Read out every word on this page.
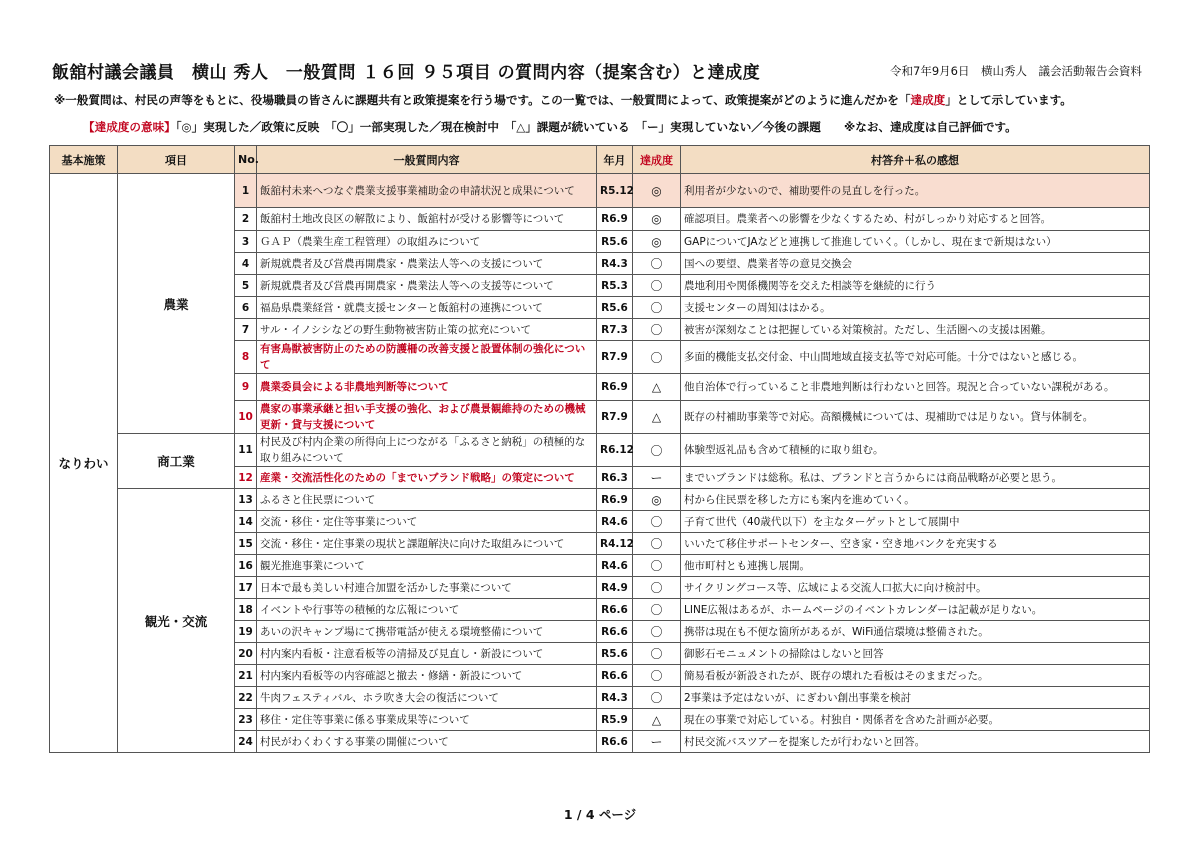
飯舘村議会議員　横山 秀人　一般質問 １６回 ９５項目 の質問内容（提案含む）と達成度	令和7年9月6日　横山秀人　議会活動報告会資料
※一般質問は、村民の声等をもとに、役場職員の皆さんに課題共有と政策提案を行う場です。この一覧では、一般質問によって、政策提案がどのように進んだかを「達成度」として示しています。
【達成度の意味】「◎」実現した／政策に反映　「〇」一部実現した／現在検討中　「△」課題が続いている　「ー」実現していない／今後の課題　　※なお、達成度は自己評価です。
基本施策	項目	No.	一般質問内容	年月	達成度	村答弁＋私の感想
なりわい	農業	1	飯舘村未来へつなぐ農業支援事業補助金の申請状況と成果について	R5.12	◎	利用者が少ないので、補助要件の見直しを行った。
		2	飯舘村土地改良区の解散により、飯舘村が受ける影響等について	R6.9	◎	確認項目。農業者への影響を少なくするため、村がしっかり対応すると回答。
		3	ＧＡＰ（農業生産工程管理）の取組みについて	R5.6	◎	GAPについてJAなどと連携して推進していく。（しかし、現在まで新規はない）
		4	新規就農者及び営農再開農家・農業法人等への支援について	R4.3	〇	国への要望、農業者等の意見交換会
		5	新規就農者及び営農再開農家・農業法人等への支援等について	R5.3	〇	農地利用や関係機関等を交えた相談等を継続的に行う
		6	福島県農業経営・就農支援センターと飯舘村の連携について	R5.6	〇	支援センターの周知ははかる。
		7	サル・イノシシなどの野生動物被害防止策の拡充について	R7.3	〇	被害が深刻なことは把握している対策検討。ただし、生活圏への支援は困難。
		8	有害鳥獣被害防止のための防護柵の改善支援と設置体制の強化について	R7.9	〇	多面的機能支払交付金、中山間地域直接支払等で対応可能。十分ではないと感じる。
		9	農業委員会による非農地判断等について	R6.9	△	他自治体で行っていること非農地判断は行わないと回答。現況と合っていない課税がある。
		10	農家の事業承継と担い手支援の強化、および農景観維持のための機械更新・貸与支援について	R7.9	△	既存の村補助事業等で対応。高額機械については、現補助では足りない。貸与体制を。
	商工業	11	村民及び村内企業の所得向上につながる「ふるさと納税」の積極的な取り組みについて	R6.12	〇	体験型返礼品も含めて積極的に取り組む。
		12	産業・交流活性化のための「までいブランド戦略」の策定について	R6.3	ー	までいブランドは総称。私は、ブランドと言うからには商品戦略が必要と思う。
	観光・交流	13	ふるさと住民票について	R6.9	◎	村から住民票を移した方にも案内を進めていく。
		14	交流・移住・定住等事業について	R4.6	〇	子育て世代（40歳代以下）を主なターゲットとして展開中
		15	交流・移住・定住事業の現状と課題解決に向けた取組みについて	R4.12	〇	いいたて移住サポートセンター、空き家・空き地バンクを充実する
		16	観光推進事業について	R4.6	〇	他市町村とも連携し展開。
		17	日本で最も美しい村連合加盟を活かした事業について	R4.9	〇	サイクリングコース等、広域による交流人口拡大に向け検討中。
		18	イベントや行事等の積極的な広報について	R6.6	〇	LINE広報はあるが、ホームページのイベントカレンダーは記載が足りない。
		19	あいの沢キャンプ場にて携帯電話が使える環境整備について	R6.6	〇	携帯は現在も不便な箇所があるが、WiFi通信環境は整備された。
		20	村内案内看板・注意看板等の清掃及び見直し・新設について	R5.6	〇	御影石モニュメントの掃除はしないと回答
		21	村内案内看板等の内容確認と撤去・修繕・新設について	R6.6	〇	簡易看板が新設されたが、既存の壊れた看板はそのままだった。
		22	牛肉フェスティバル、ホラ吹き大会の復活について	R4.3	〇	2事業は予定はないが、にぎわい創出事業を検討
		23	移住・定住等事業に係る事業成果等について	R5.9	△	現在の事業で対応している。村独自・関係者を含めた計画が必要。
		24	村民がわくわくする事業の開催について	R6.6	ー	村民交流バスツアーを提案したが行わないと回答。
1 / 4 ページ
